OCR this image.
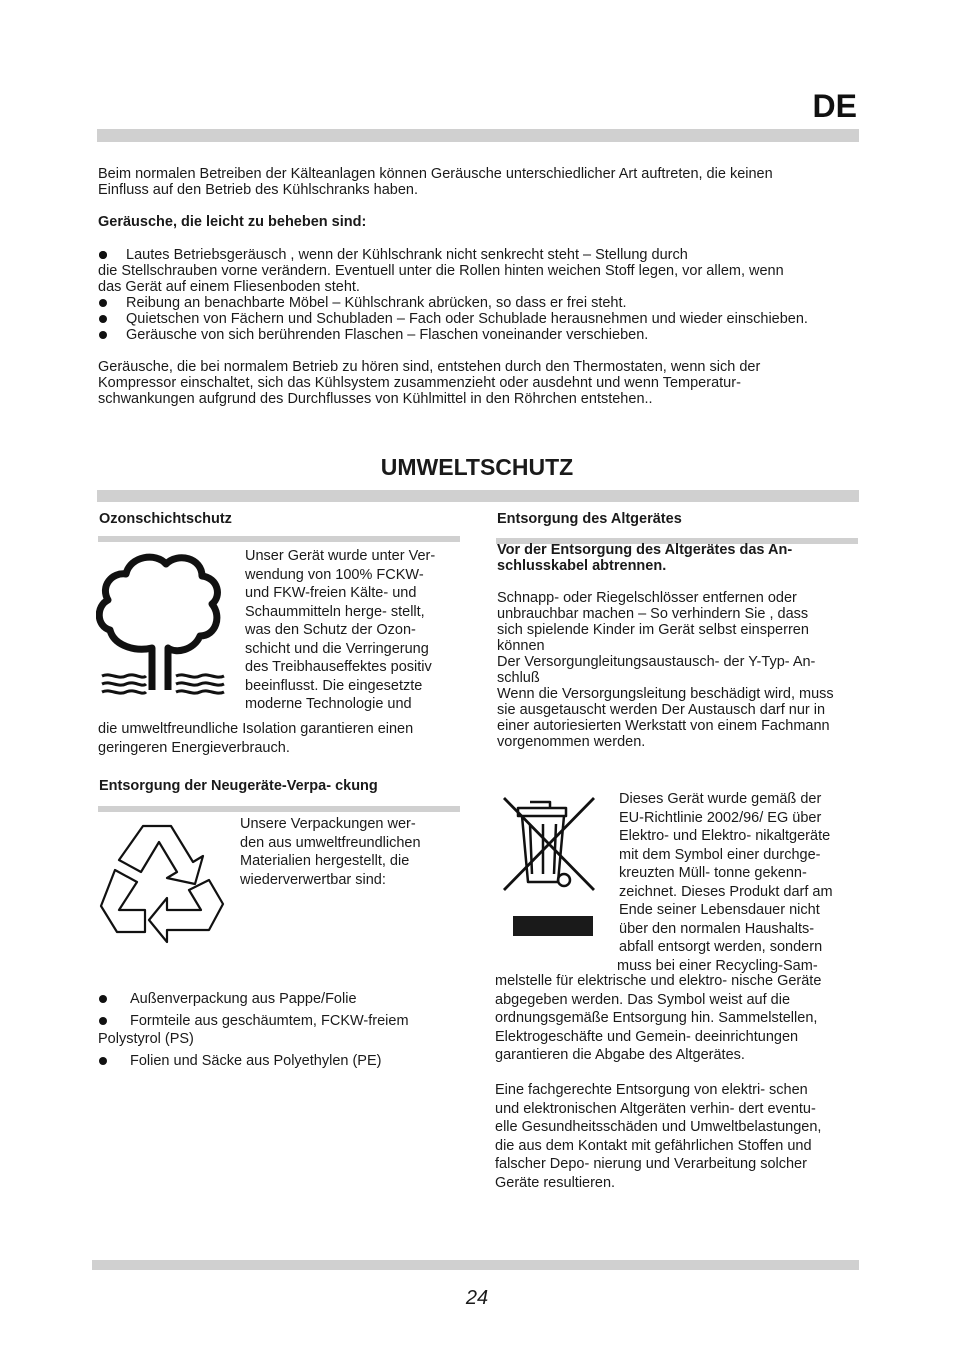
DE

Beim normalen Betreiben der Kälteanlagen können Geräusche unterschiedlicher Art auftreten, die keinen
Einfluss auf den Betrieb des Kühlschranks haben.

Geräusche, die leicht zu beheben sind:

Lautes Betriebsgeräusch , wenn der Kühlschrank nicht senkrecht steht – Stellung durch
die Stellschrauben vorne verändern. Eventuell unter die Rollen hinten weichen Stoff legen, vor allem, wenn
das Gerät auf einem Fliesenboden steht.
Reibung an benachbarte Möbel – Kühlschrank abrücken, so dass er frei steht.
Quietschen von Fächern und Schubladen – Fach oder Schublade herausnehmen und wieder einschieben.
Geräusche von sich berührenden Flaschen – Flaschen voneinander verschieben.

Geräusche, die bei normalem Betrieb zu hören sind, entstehen durch den Thermostaten, wenn sich der
Kompressor einschaltet, sich das Kühlsystem zusammenzieht oder ausdehnt und wenn Temperatur-
schwankungen aufgrund des Durchflusses von Kühlmittel in den Röhrchen entstehen..

UMWELTSCHUTZ
Ozonschichtschutz
Unser Gerät wurde unter Ver-
wendung von 100% FCKW-
und FKW-freien Kälte- und
Schaummitteln herge- stellt,
was den Schutz der Ozon-
schicht und die Verringerung
des Treibhauseffektes positiv
beeinflusst. Die eingesetzte
moderne Technologie und
die umweltfreundliche Isolation garantieren einen
geringeren Energieverbrauch.
Entsorgung der Neugeräte-Verpa- ckung
Unsere Verpackungen wer-
den aus umweltfreundlichen
Materialien hergestellt, die
wiederverwertbar sind:
Außenverpackung aus Pappe/Folie
Formteile aus geschäumtem, FCKW-freiem
Polystyrol (PS)
Folien und Säcke aus Polyethylen (PE)
Entsorgung des Altgerätes
Vor der Entsorgung des Altgerätes das An-
schlusskabel abtrennen.
Schnapp- oder Riegelschlösser entfernen oder
unbrauchbar machen – So verhindern Sie , dass
sich spielende Kinder im Gerät selbst einsperren
können
Der Versorgungleitungsaustausch- der Y-Typ- An-
schluß
Wenn die Versorgungsleitung beschädigt wird, muss
sie ausgetauscht werden Der Austausch darf nur in
einer autoriesierten Werkstatt von einem Fachmann
vorgenommen werden.
Dieses Gerät wurde gemäß der
EU-Richtlinie 2002/96/ EG über
Elektro- und Elektro- nikaltgeräte
mit dem Symbol einer durchge-
kreuzten Müll- tonne gekenn-
zeichnet. Dieses Produkt darf am
Ende seiner Lebensdauer nicht
über den normalen Haushalts-
abfall entsorgt werden, sondern
muss bei einer Recycling-Sam-
melstelle für elektrische und elektro- nische Geräte
abgegeben werden. Das Symbol weist auf die
ordnungsgemäße Entsorgung hin. Sammelstellen,
Elektrogeschäfte und Gemein- deeinrichtungen
garantieren die Abgabe des Altgerätes.
Eine fachgerechte Entsorgung von elektri- schen
und elektronischen Altgeräten verhin- dert eventu-
elle Gesundheitsschäden und Umweltbelastungen,
die aus dem Kontakt mit gefährlichen Stoffen und
falscher Depo- nierung und Verarbeitung solcher
Geräte resultieren.
24
